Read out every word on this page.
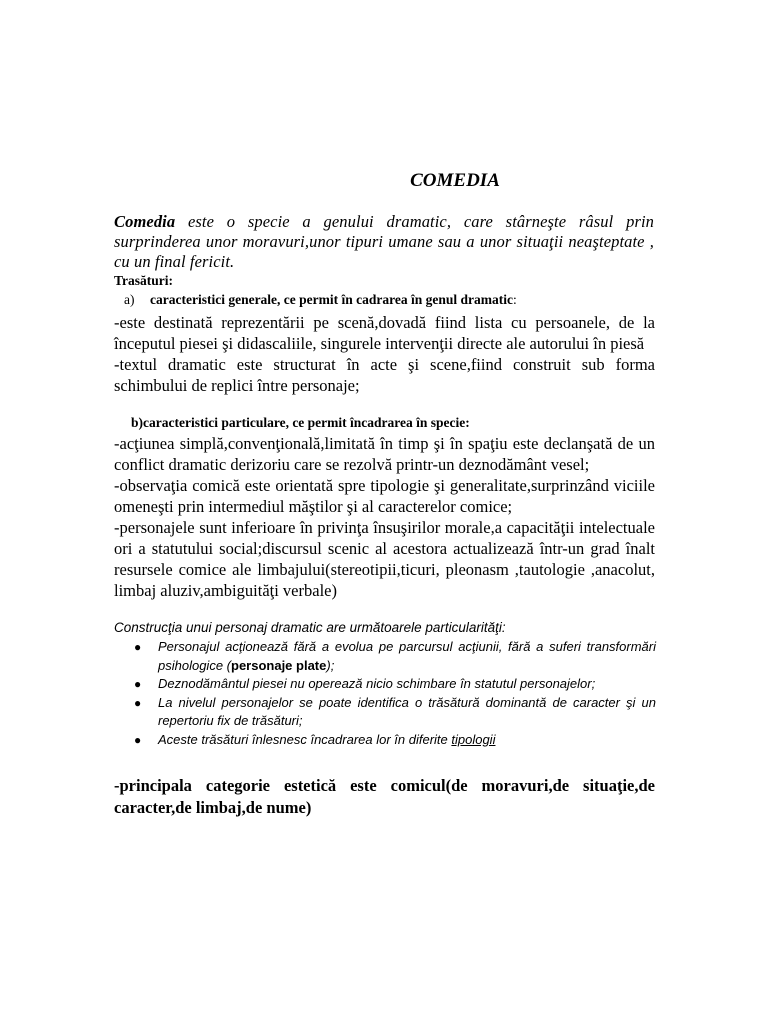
COMEDIA
Comedia este o specie a genului dramatic, care stârneşte râsul prin surprinderea unor moravuri,unor tipuri umane sau a unor situaţii neaşteptate , cu un final fericit.
Trasături:
a) caracteristici generale, ce permit în cadrarea în genul dramatic:

-este destinată reprezentării pe scenă,dovadă fiind lista cu persoanele, de la începutul piesei şi didascaliile, singurele intervenţii directe ale autorului în piesă

-textul dramatic este structurat în acte şi scene,fiind construit sub forma schimbului de replici între personaje;

b)caracteristici particulare, ce permit încadrarea în specie:

-acţiunea simplă,convenţională,limitată în timp şi în spaţiu este declanşată de un conflict dramatic derizoriu care se rezolvă printr-un deznodământ vesel;

-observaţia comică este orientată spre tipologie şi generalitate,surprinzând viciile omeneşti prin intermediul măştilor şi al caracterelor comice;

-personajele sunt inferioare în privinţa însuşirilor morale,a capacităţii intelectuale ori a statutului social;discursul scenic al acestora actualizează într-un grad înalt resursele comice ale limbajului(stereotipii,ticuri, pleonasm ,tautologie ,anacolut, limbaj aluziv,ambiguităţi verbale)

Construcţia unui personaj dramatic are următoarele particularităţi:
● Personajul acţionează fără a evolua pe parcursul acţiunii, fără a suferi transformări psihologice (personaje plate);
● Deznodământul piesei nu operează nicio schimbare în statutul personajelor;
● La nivelul personajelor se poate identifica o trăsătură dominantă de caracter şi un repertoriu fix de trăsături;
● Aceste trăsături înlesnesc încadrarea lor în diferite tipologii
-principala categorie estetică este comicul(de moravuri,de situaţie,de caracter,de limbaj,de nume)
